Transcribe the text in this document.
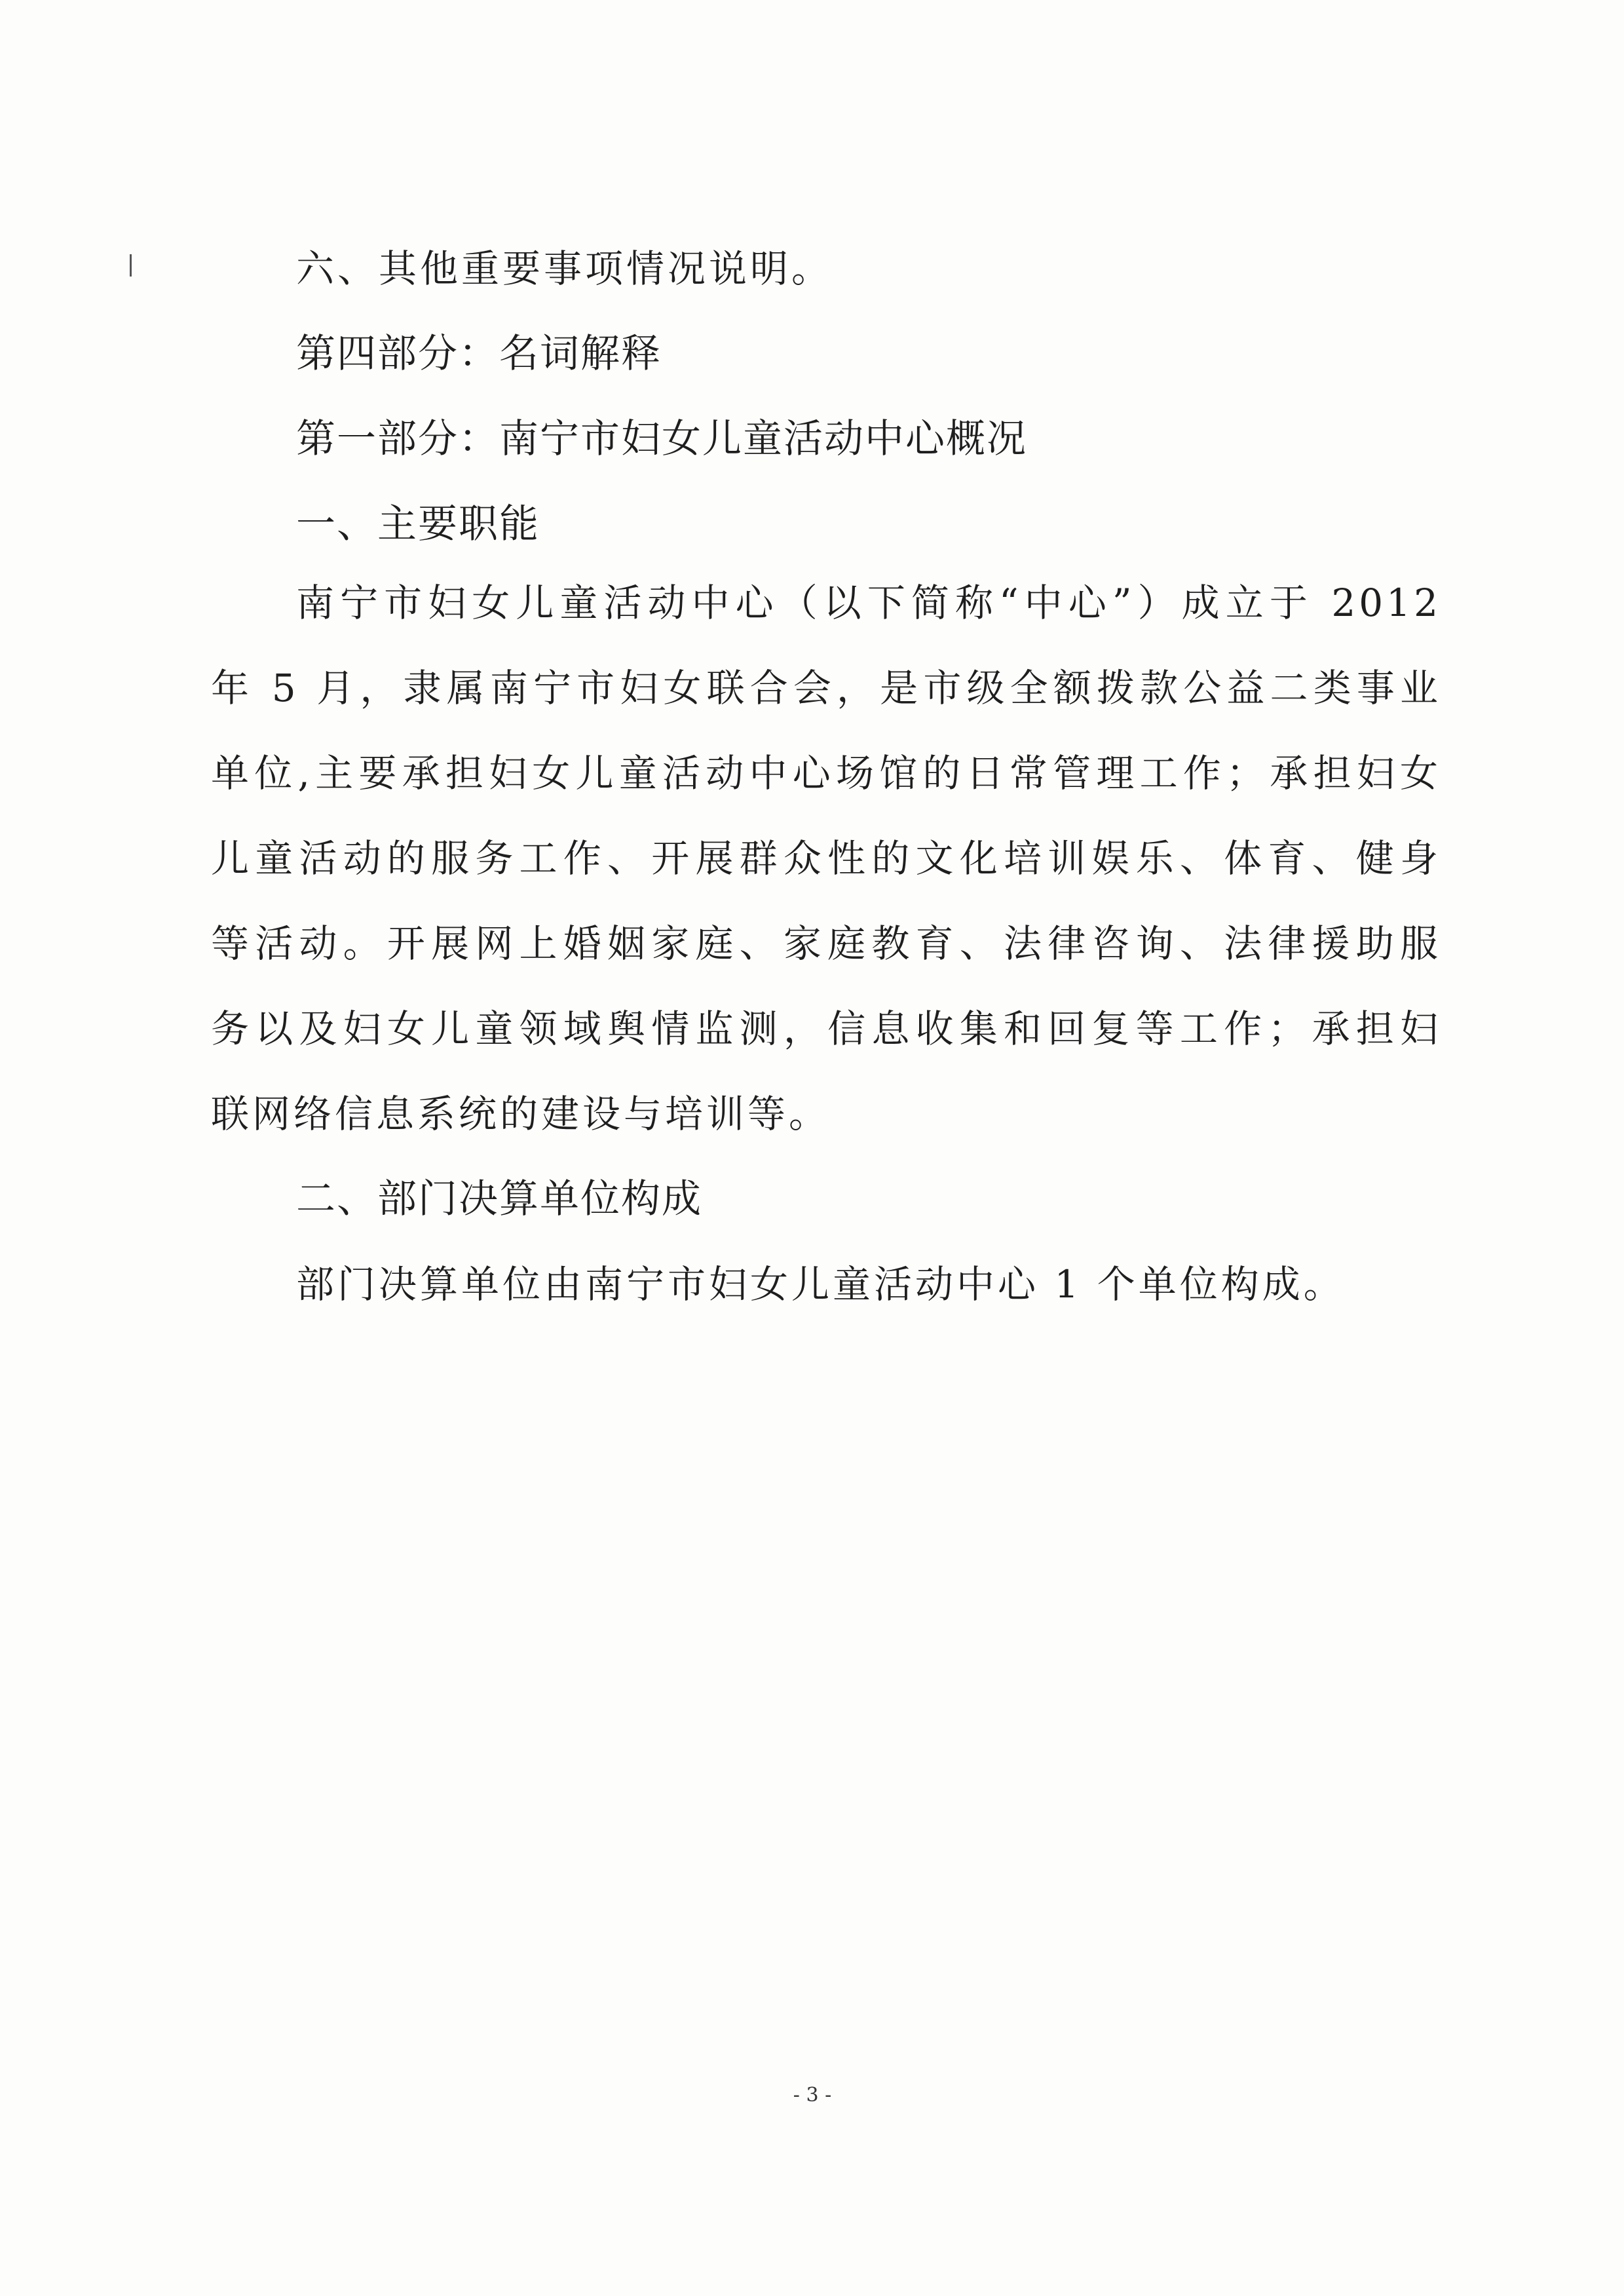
六、其他重要事项情况说明。
第四部分：名词解释
第一部分：南宁市妇女儿童活动中心概况
一、主要职能
南宁市妇女儿童活动中心（以下简称“中心”）成立于 2012
年 5 月，隶属南宁市妇女联合会，是市级全额拨款公益二类事业
单位,主要承担妇女儿童活动中心场馆的日常管理工作；承担妇女
儿童活动的服务工作、开展群众性的文化培训娱乐、体育、健身
等活动。开展网上婚姻家庭、家庭教育、法律咨询、法律援助服
务以及妇女儿童领域舆情监测，信息收集和回复等工作；承担妇
联网络信息系统的建设与培训等。
二、部门决算单位构成
部门决算单位由南宁市妇女儿童活动中心 1 个单位构成。
- 3 -
